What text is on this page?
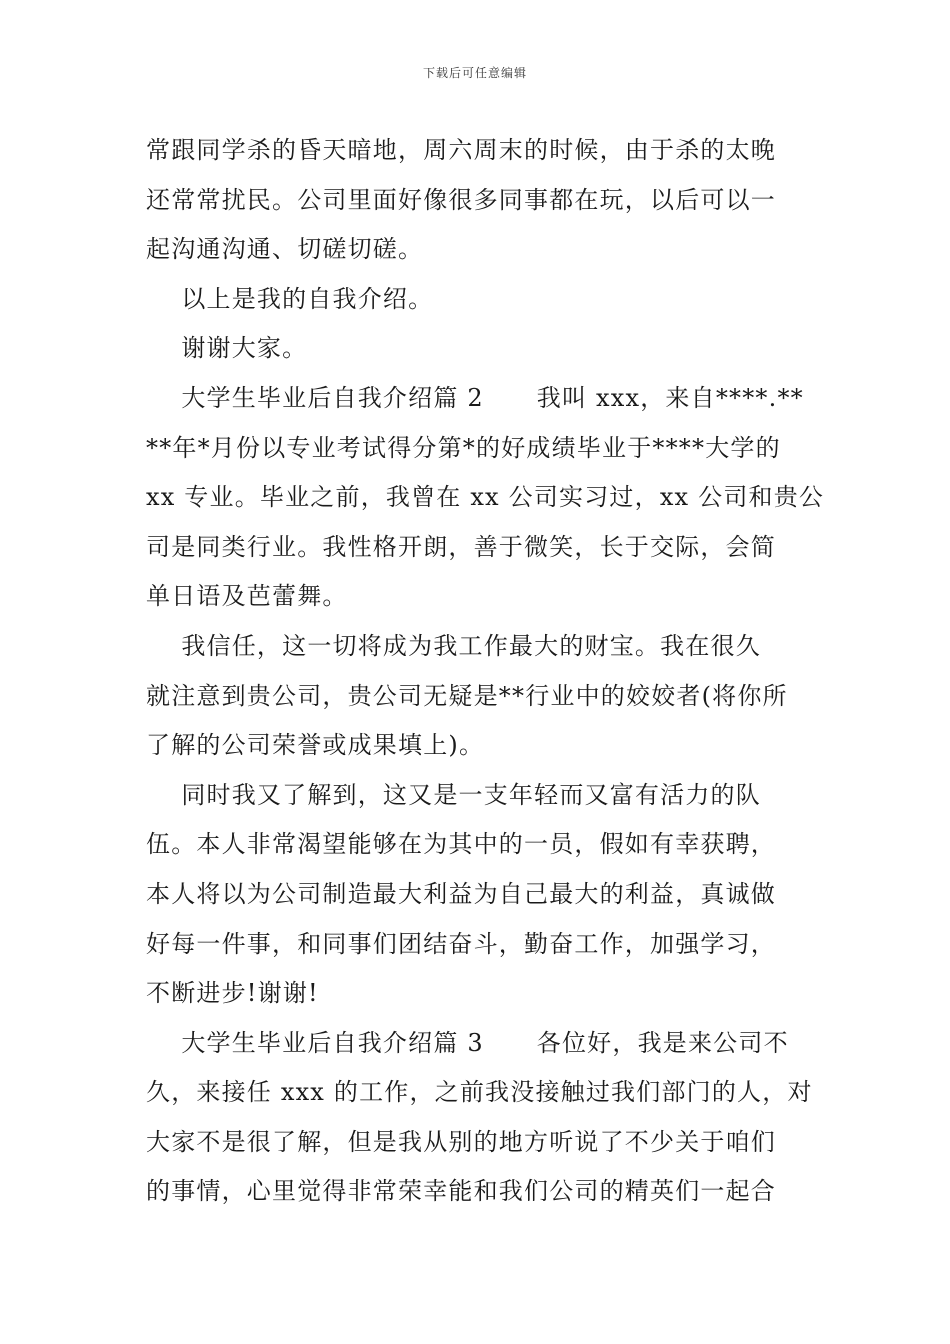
下载后可任意编辑
常跟同学杀的昏天暗地，周六周末的时候，由于杀的太晚
还常常扰民。公司里面好像很多同事都在玩，以后可以一
起沟通沟通、切磋切磋。
以上是我的自我介绍。
谢谢大家。
大学生毕业后自我介绍篇 2      我叫 xxx，来自****.**
**年*月份以专业考试得分第*的好成绩毕业于****大学的
xx 专业。毕业之前，我曾在 xx 公司实习过，xx 公司和贵公
司是同类行业。我性格开朗，善于微笑，长于交际，会简
单日语及芭蕾舞。
我信任，这一切将成为我工作最大的财宝。我在很久
就注意到贵公司，贵公司无疑是**行业中的姣姣者(将你所
了解的公司荣誉或成果填上)。
同时我又了解到，这又是一支年轻而又富有活力的队
伍。本人非常渴望能够在为其中的一员，假如有幸获聘，
本人将以为公司制造最大利益为自己最大的利益，真诚做
好每一件事，和同事们团结奋斗，勤奋工作，加强学习，
不断进步!谢谢!
大学生毕业后自我介绍篇 3      各位好，我是来公司不
久，来接任 xxx 的工作，之前我没接触过我们部门的人，对
大家不是很了解，但是我从别的地方听说了不少关于咱们
的事情，心里觉得非常荣幸能和我们公司的精英们一起合
